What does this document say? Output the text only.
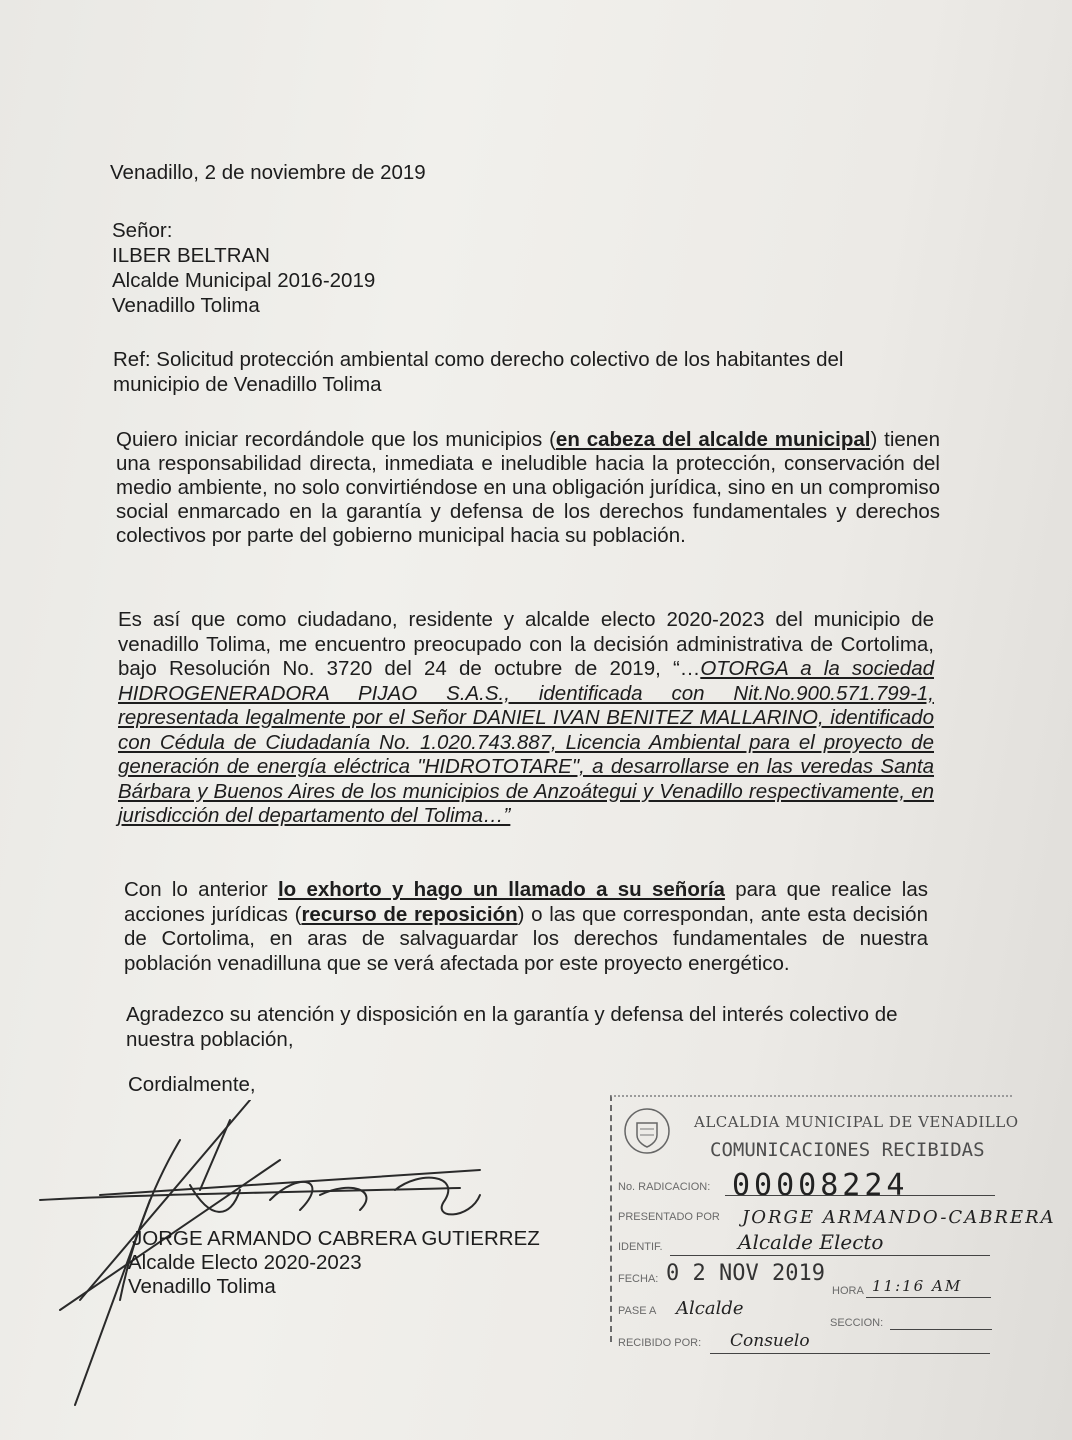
Venadillo, 2 de noviembre de 2019
Señor:
ILBER BELTRAN
Alcalde Municipal 2016-2019
Venadillo Tolima
Ref: Solicitud protección ambiental como derecho colectivo de los habitantes del
municipio de Venadillo Tolima
Quiero iniciar recordándole que los municipios (en cabeza del alcalde municipal) tienen una responsabilidad directa, inmediata e ineludible hacia la protección, conservación del medio ambiente, no solo convirtiéndose en una obligación jurídica, sino en un compromiso social enmarcado en la garantía y defensa de los derechos fundamentales y derechos colectivos por parte del gobierno municipal hacia su población.
Es así que como ciudadano, residente y alcalde electo 2020-2023 del municipio de venadillo Tolima, me encuentro preocupado con la decisión administrativa de Cortolima, bajo Resolución No. 3720 del 24 de octubre de 2019, “…OTORGA a la sociedad HIDROGENERADORA PIJAO S.A.S., identificada con Nit.No.900.571.799-1, representada legalmente por el Señor DANIEL IVAN BENITEZ MALLARINO, identificado con Cédula de Ciudadanía No. 1.020.743.887, Licencia Ambiental para el proyecto de generación de energía eléctrica "HIDROTOTARE", a desarrollarse en las veredas Santa Bárbara y Buenos Aires de los municipios de Anzoátegui y Venadillo respectivamente, en jurisdicción del departamento del Tolima…”
Con lo anterior lo exhorto y hago un llamado a su señoría para que realice las acciones jurídicas (recurso de reposición) o las que correspondan, ante esta decisión de Cortolima, en aras de salvaguardar los derechos fundamentales de nuestra población venadilluna que se verá afectada por este proyecto energético.
Agradezco su atención y disposición en la garantía y defensa del interés colectivo de nuestra población,
Cordialmente,
JORGE ARMANDO CABRERA GUTIERREZ
Alcalde Electo 2020-2023
Venadillo Tolima
ALCALDIA MUNICIPAL DE VENADILLO
COMUNICACIONES RECIBIDAS
No. RADICACION: 00008224
PRESENTADO POR JORGE ARMANDO-CABRERA
IDENTIF.	Alcalde Electo
FECHA: 0 2 NOV 2019
HORA 11:16 AM
PASE A Alcalde
SECCION:
RECIBIDO POR: Consuelo
